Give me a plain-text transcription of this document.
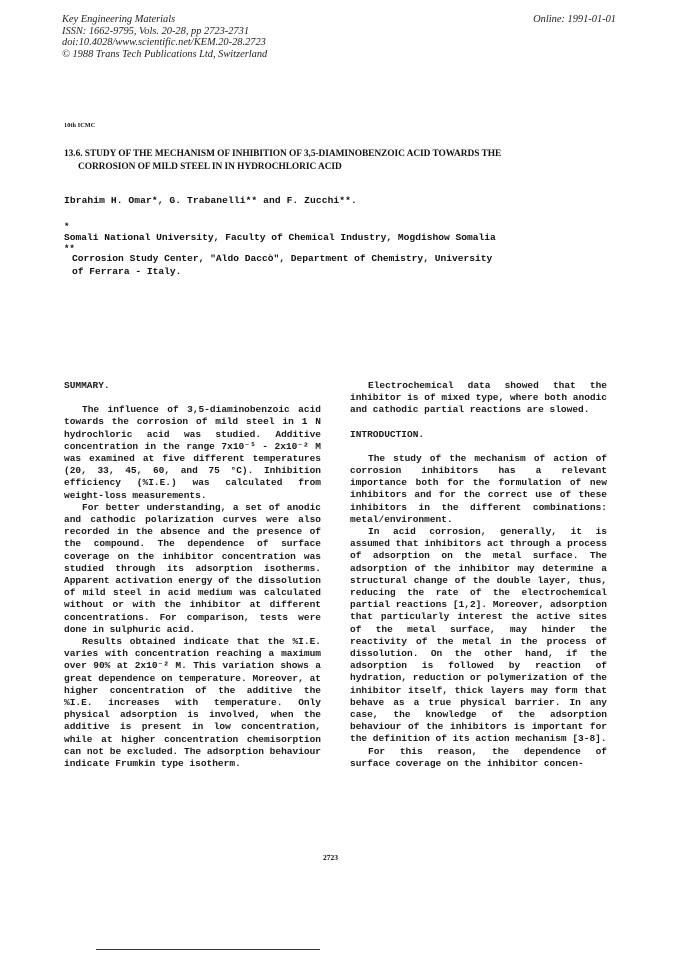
Key Engineering Materials
ISSN: 1662-9795, Vols. 20-28, pp 2723-2731
doi:10.4028/www.scientific.net/KEM.20-28.2723
© 1988 Trans Tech Publications Ltd, Switzerland
Online: 1991-01-01
10th ICMC
13.6. STUDY OF THE MECHANISM OF INHIBITION OF 3,5-DIAMINOBENZOIC ACID TOWARDS THE
CORROSION OF MILD STEEL IN IN HYDROCHLORIC ACID
Ibrahim H. Omar*, G. Trabanelli** and F. Zucchi**.
*
Somali National University, Faculty of Chemical Industry, Mogdishow Somalia
**
Corrosion Study Center, "Aldo Daccò", Department of Chemistry, University
of Ferrara - Italy.

SUMMARY.

The influence of 3,5-diaminobenzoic acid towards the corrosion of mild steel in 1 N hydrochloric acid was studied. Additive concentration in the range 7x10⁻⁵ - 2x10⁻² M was examined at five different temperatures (20, 33, 45, 60, and 75 °C). Inhibition efficiency (%I.E.) was calculated from weight-loss measurements.

For better understanding, a set of anodic and cathodic polarization curves were also recorded in the absence and the presence of the compound. The dependence of surface coverage on the inhibitor concentration was studied through its adsorption isotherms. Apparent activation energy of the dissolution of mild steel in acid medium was calculated without or with the inhibitor at different concentrations. For comparison, tests were done in sulphuric acid.

Results obtained indicate that the %I.E. varies with concentration reaching a maximum over 90% at 2x10⁻² M. This variation shows a great dependence on temperature. Moreover, at higher concentration of the additive the %I.E. increases with temperature. Only physical adsorption is involved, when the additive is present in low concentration, while at higher concentration chemisorption can not be excluded. The adsorption behaviour indicate Frumkin type isotherm.

Electrochemical data showed that the inhibitor is of mixed type, where both anodic and cathodic partial reactions are slowed.

INTRODUCTION.

The study of the mechanism of action of corrosion inhibitors has a relevant importance both for the formulation of new inhibitors and for the correct use of these inhibitors in the different combinations: metal/environment.

In acid corrosion, generally, it is assumed that inhibitors act through a process of adsorption on the metal surface. The adsorption of the inhibitor may determine a structural change of the double layer, thus, reducing the rate of the electrochemical partial reactions [1,2]. Moreover, adsorption that particularly interest the active sites of the metal surface, may hinder the reactivity of the metal in the process of dissolution. On the other hand, if the adsorption is followed by reaction of hydration, reduction or polymerization of the inhibitor itself, thick layers may form that behave as a true physical barrier. In any case, the knowledge of the adsorption behaviour of the inhibitors is important for the definition of its action mechanism [3-8].

For this reason, the dependence of surface coverage on the inhibitor concen-

2723
